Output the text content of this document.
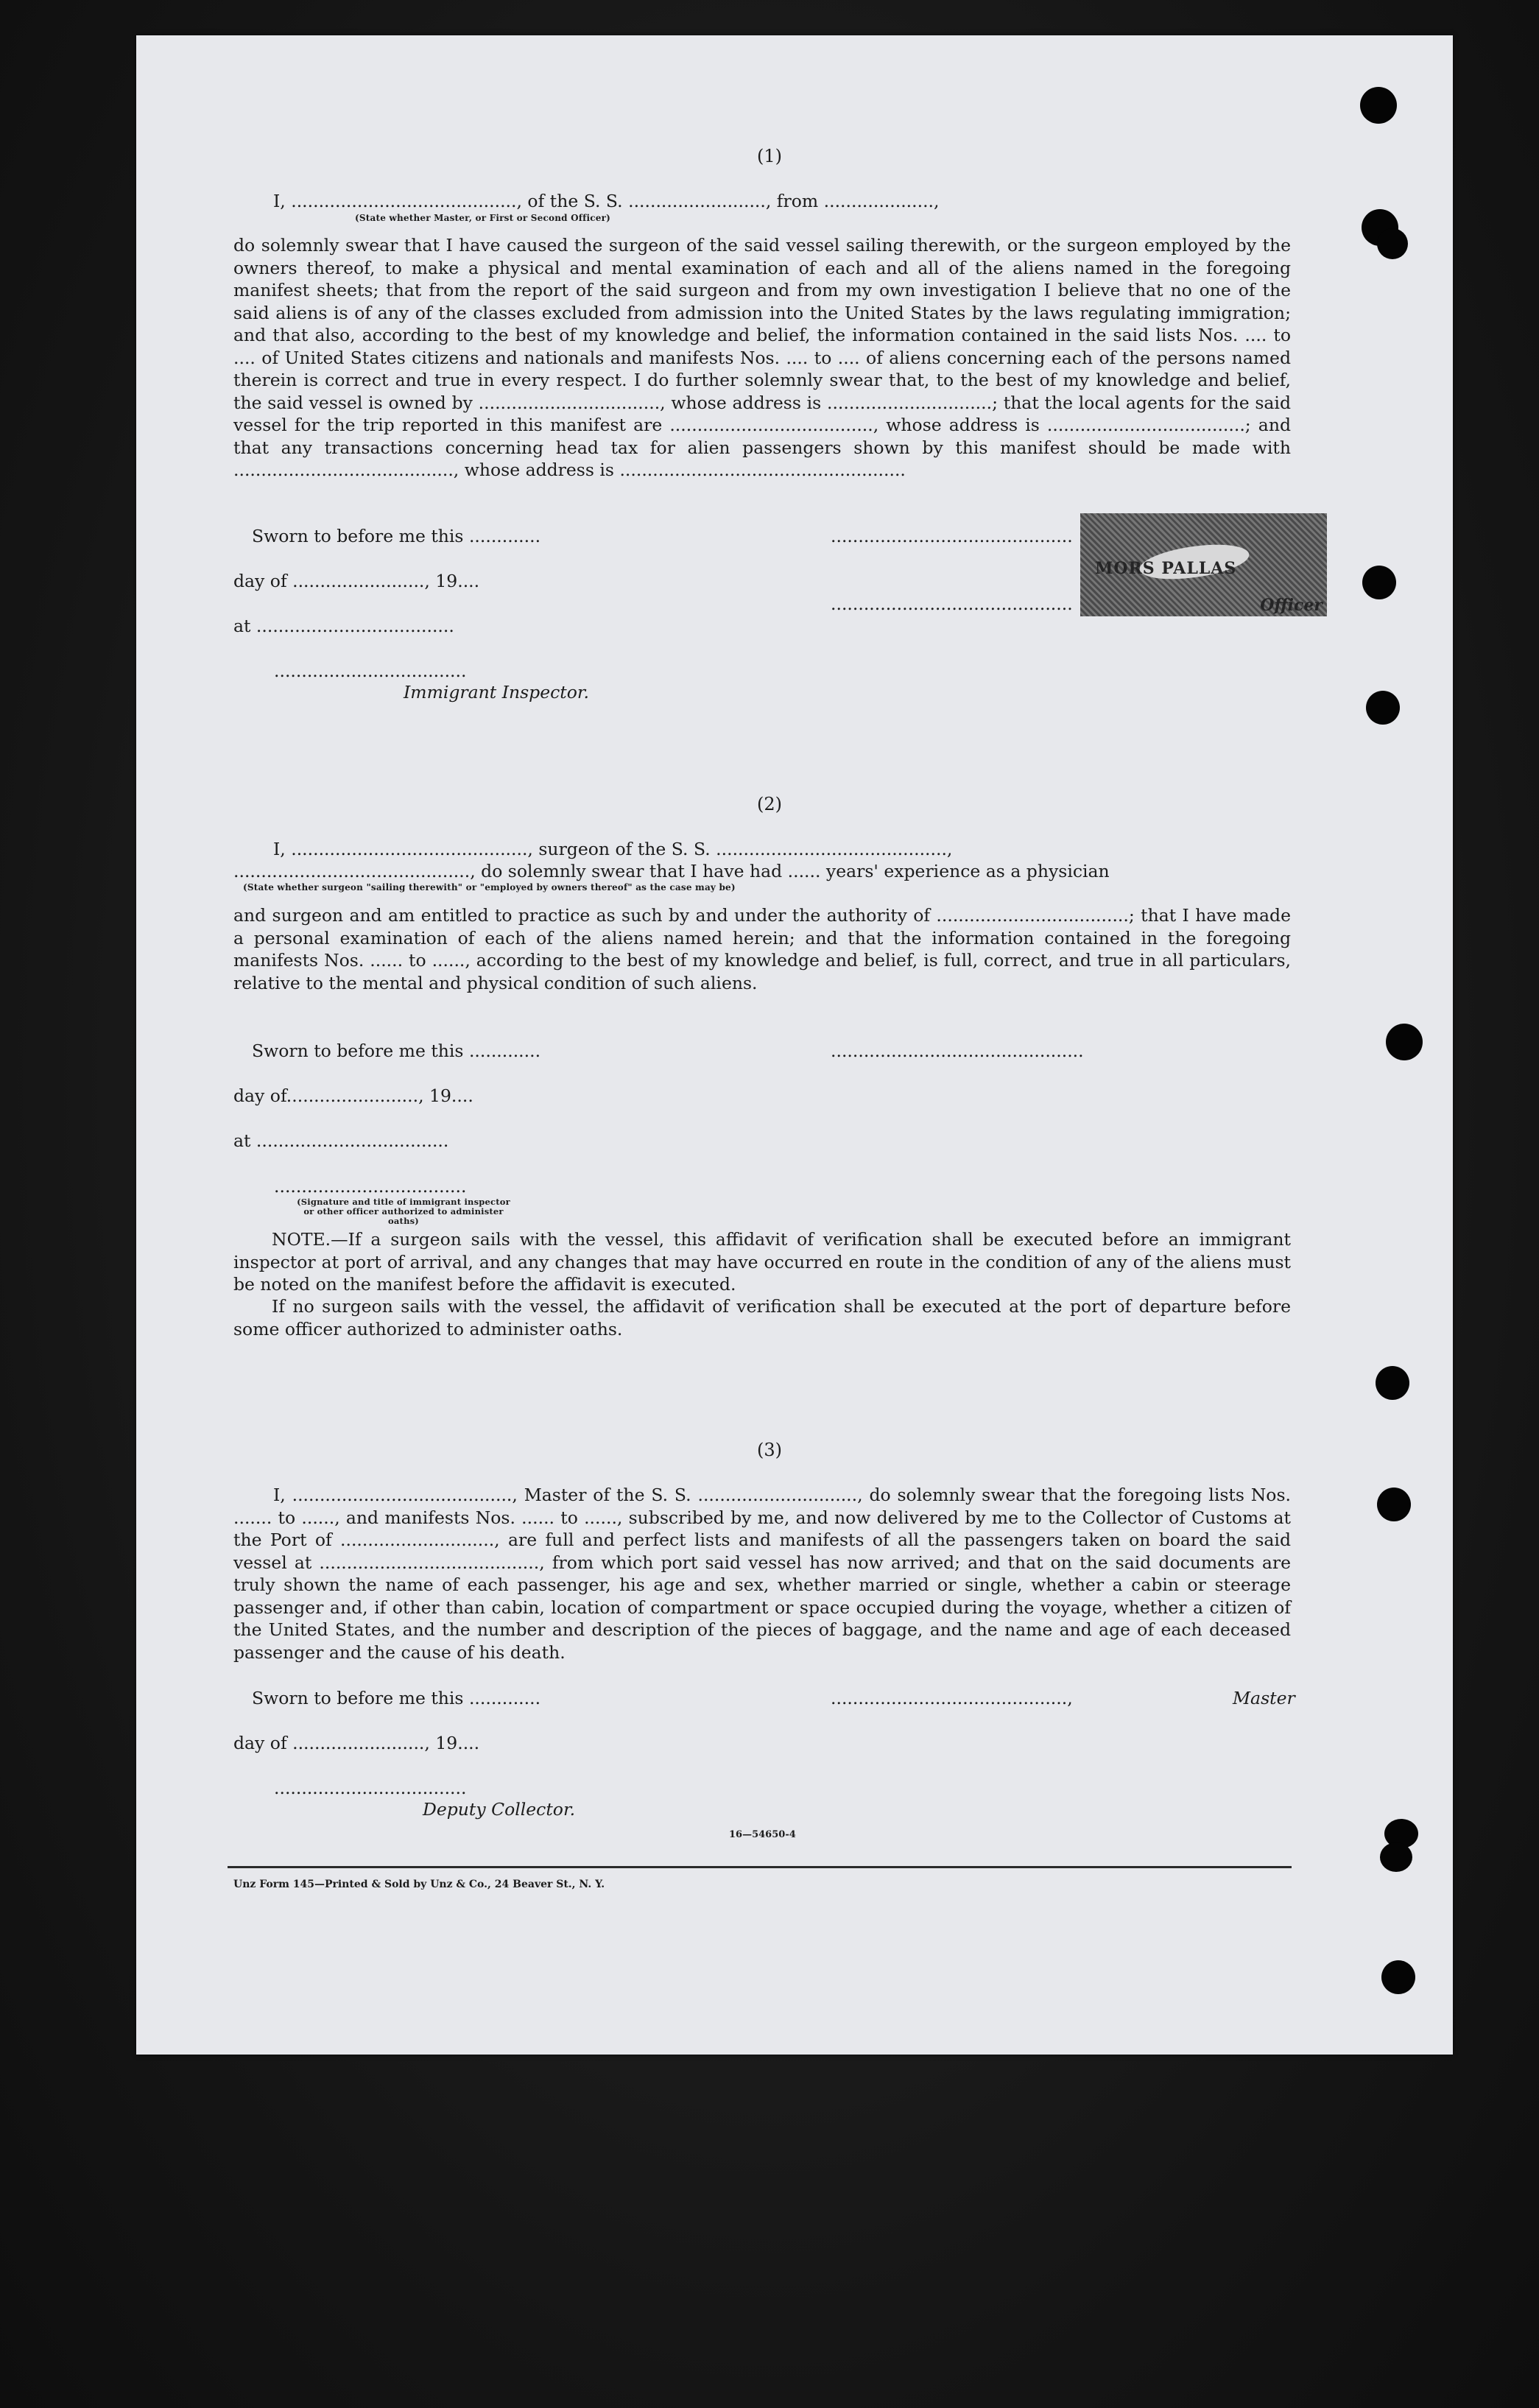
(1)
I, ........................................., of the S. S. ........................., from ....................,
(State whether Master, or First or Second Officer)
do solemnly swear that I have caused the surgeon of the said vessel sailing therewith, or the surgeon employed by the owners thereof, to make a physical and mental examination of each and all of the aliens named in the foregoing manifest sheets; that from the report of the said surgeon and from my own investigation I believe that no one of the said aliens is of any of the classes excluded from admission into the United States by the laws regulating immigration; and that also, according to the best of my knowledge and belief, the information contained in the said lists Nos. .... to .... of United States citizens and nationals and manifests Nos. .... to .... of aliens concerning each of the persons named therein is correct and true in every respect. I do further solemnly swear that, to the best of my knowledge and belief, the said vessel is owned by ................................., whose address is ..............................; that the local agents for the said vessel for the trip reported in this manifest are ....................................., whose address is ....................................; and that any transactions concerning head tax for alien passengers shown by this manifest should be made with ........................................, whose address is ....................................................
Sworn to before me this .............
day of ........................, 19....
at ....................................
...................................
Immigrant Inspector.
............................................
............................................
MORS PALLAS
Officer
(2)
I, ..........................................., surgeon of the S. S. ..........................................,
..........................................., do solemnly swear that I have had ...... years' experience as a physician
(State whether surgeon "sailing therewith" or "employed by owners thereof" as the case may be)
and surgeon and am entitled to practice as such by and under the authority of ...................................; that I have made a personal examination of each of the aliens named herein; and that the information contained in the foregoing manifests Nos. ...... to ......, according to the best of my knowledge and belief, is full, correct, and true in all particulars, relative to the mental and physical condition of such aliens.
Sworn to before me this .............
day of........................, 19....
at ...................................
...................................
..............................................
(Signature and title of immigrant inspector or other officer authorized to administer oaths)
NOTE.—If a surgeon sails with the vessel, this affidavit of verification shall be executed before an immigrant inspector at port of arrival, and any changes that may have occurred en route in the condition of any of the aliens must be noted on the manifest before the affidavit is executed.
If no surgeon sails with the vessel, the affidavit of verification shall be executed at the port of departure before some officer authorized to administer oaths.
(3)
I, ........................................, Master of the S. S. ............................., do solemnly swear that the foregoing lists Nos. ....... to ......, and manifests Nos. ...... to ......, subscribed by me, and now delivered by me to the Collector of Customs at the Port of ............................, are full and perfect lists and manifests of all the passengers taken on board the said vessel at ........................................, from which port said vessel has now arrived; and that on the said documents are truly shown the name of each passenger, his age and sex, whether married or single, whether a cabin or steerage passenger and, if other than cabin, location of compartment or space occupied during the voyage, whether a citizen of the United States, and the number and description of the pieces of baggage, and the name and age of each deceased passenger and the cause of his death.
Sworn to before me this .............
day of ........................, 19....
...................................
Deputy Collector.
...........................................,	Master
16—54650-4
Unz Form 145—Printed & Sold by Unz & Co., 24 Beaver St., N. Y.
